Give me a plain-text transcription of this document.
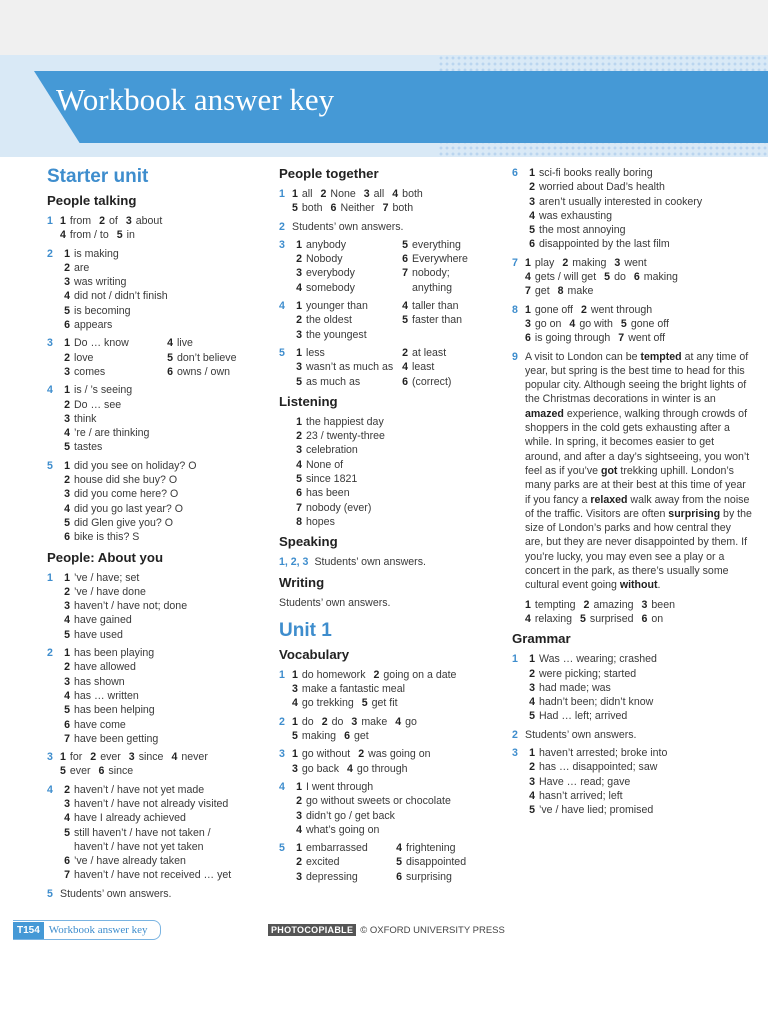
Workbook answer key
Starter unit
People talking
1 1 from 2 of 3 about
4 from / to 5 in
2	1 is making
2 are
3 was writing
4 did not / didn’t finish
5 is becoming
6 appears
3	1 Do … know	4 live
2 love	5 don’t believe
3 comes	6 owns / own
4	1 is / ’s seeing
2 Do … see
3 think
4 ’re / are thinking
5 tastes
5	1 did you see on holiday? O
2 house did she buy? O
3 did you come here? O
4 did you go last year? O
5 did Glen give you? O
6 bike is this? S
People: About you
1	1 ’ve / have; set
2 ’ve / have done
3 haven’t / have not; done
4 have gained
5 have used
2	1 has been playing
2 have allowed
3 has shown
4 has … written
5 has been helping
6 have come
7 have been getting
3 1 for 2 ever 3 since 4 never
5 ever 6 since
4	2 haven’t / have not yet made
3 haven’t / have not already visited
4 have I already achieved
5 still haven’t / have not taken /
haven’t / have not yet taken
6 ’ve / have already taken
7 haven’t / have not received … yet
5 Students’ own answers.
People together
1 1 all 2 None 3 all 4 both
5 both 6 Neither 7 both
2 Students’ own answers.
3	1 anybody	5 everything
2 Nobody	6 Everywhere
3 everybody	7 nobody;
4 somebody	anything
4	1 younger than	4 taller than
2 the oldest	5 faster than
3 the youngest
5	1 less	2 at least
3 wasn’t as much as 4 least
5 as much as	6 (correct)
Listening
1 the happiest day
2 23 / twenty-three
3 celebration
4 None of
5 since 1821
6 has been
7 nobody (ever)
8 hopes
Speaking
1, 2, 3 Students’ own answers.
Writing
Students’ own answers.
Unit 1
Vocabulary
1 1 do homework 2 going on a date
3 make a fantastic meal
4 go trekking 5 get fit
2 1 do 2 do 3 make 4 go
5 making 6 get
3 1 go without 2 was going on
3 go back 4 go through
4	1 I went through
2 go without sweets or chocolate
3 didn’t go / get back
4 what’s going on
5	1 embarrassed	4 frightening
2 excited	5 disappointed
3 depressing	6 surprising
6	1 sci-fi books really boring
2 worried about Dad’s health
3 aren’t usually interested in cookery
4 was exhausting
5 the most annoying
6 disappointed by the last film
7 1 play 2 making 3 went
4 gets / will get 5 do 6 making
7 get 8 make
8 1 gone off 2 went through
3 go on 4 go with 5 gone off
6 is going through 7 went off
9 A visit to London can be tempted at any time of year, but spring is the best time to head for this popular city. Although seeing the bright lights of the Christmas decorations in winter is an amazed experience, walking through crowds of shoppers in the cold gets exhausting after a while. In spring, it becomes easier to get around, and after a day’s sightseeing, you won’t feel as if you’ve got trekking uphill. London’s many parks are at their best at this time of year if you fancy a relaxed walk away from the noise of the traffic. Visitors are often surprising by the size of London’s parks and how central they are, but they are never disappointed by them. If you’re lucky, you may even see a play or a concert in the park, as there’s usually some cultural event going without.
1 tempting 2 amazing 3 been
4 relaxing 5 surprised 6 on
Grammar
1	1 Was … wearing; crashed
2 were picking; started
3 had made; was
4 hadn’t been; didn’t know
5 Had … left; arrived
2 Students’ own answers.
3	1 haven’t arrested; broke into
2 has … disappointed; saw
3 Have … read; gave
4 hasn’t arrived; left
5 ’ve / have lied; promised
T154 Workbook answer key	PHOTOCOPIABLE © OXFORD UNIVERSITY PRESS
